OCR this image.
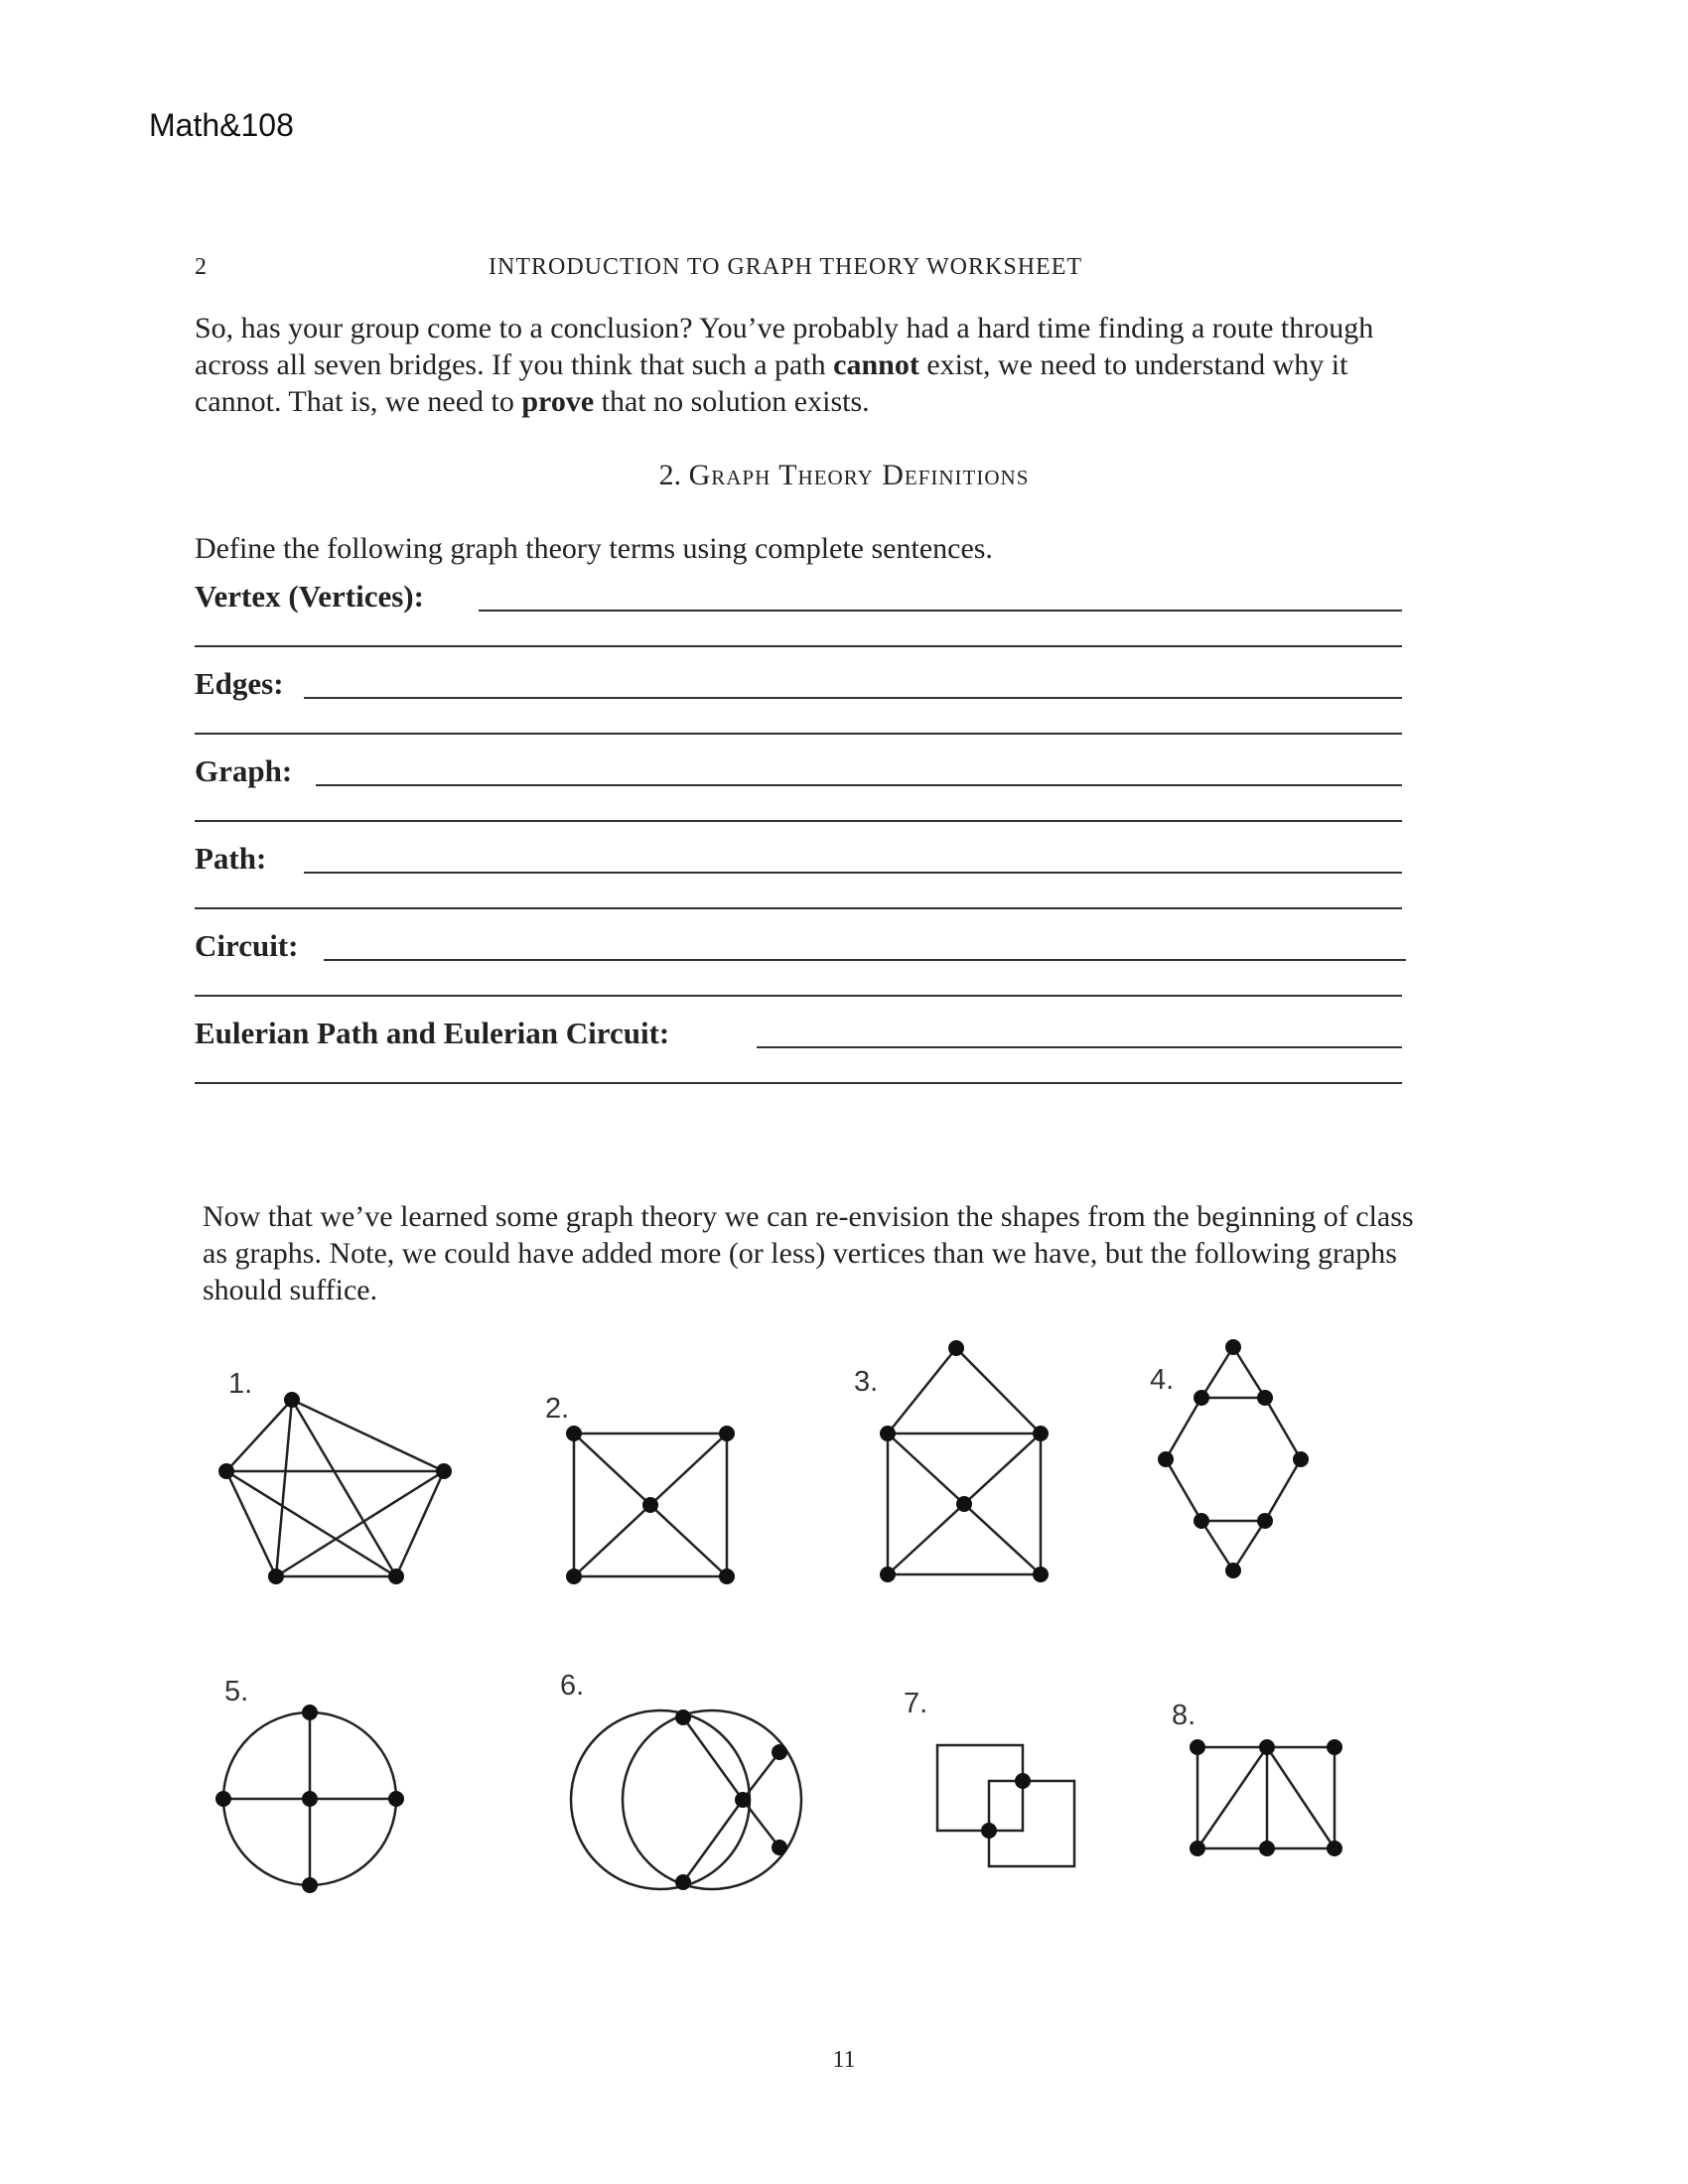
Math&108
2	INTRODUCTION TO GRAPH THEORY WORKSHEET
So, has your group come to a conclusion? You’ve probably had a hard time finding a route through across all seven bridges. If you think that such a path cannot exist, we need to understand why it cannot. That is, we need to prove that no solution exists.
2. Graph Theory Definitions
Define the following graph theory terms using complete sentences.
Vertex (Vertices):
Edges:
Graph:
Path:
Circuit:
Eulerian Path and Eulerian Circuit:
Now that we’ve learned some graph theory we can re-envision the shapes from the beginning of class as graphs. Note, we could have added more (or less) vertices than we have, but the following graphs should suffice.
1.
2.
3.	4.
5.	6.
7.	8.
11
